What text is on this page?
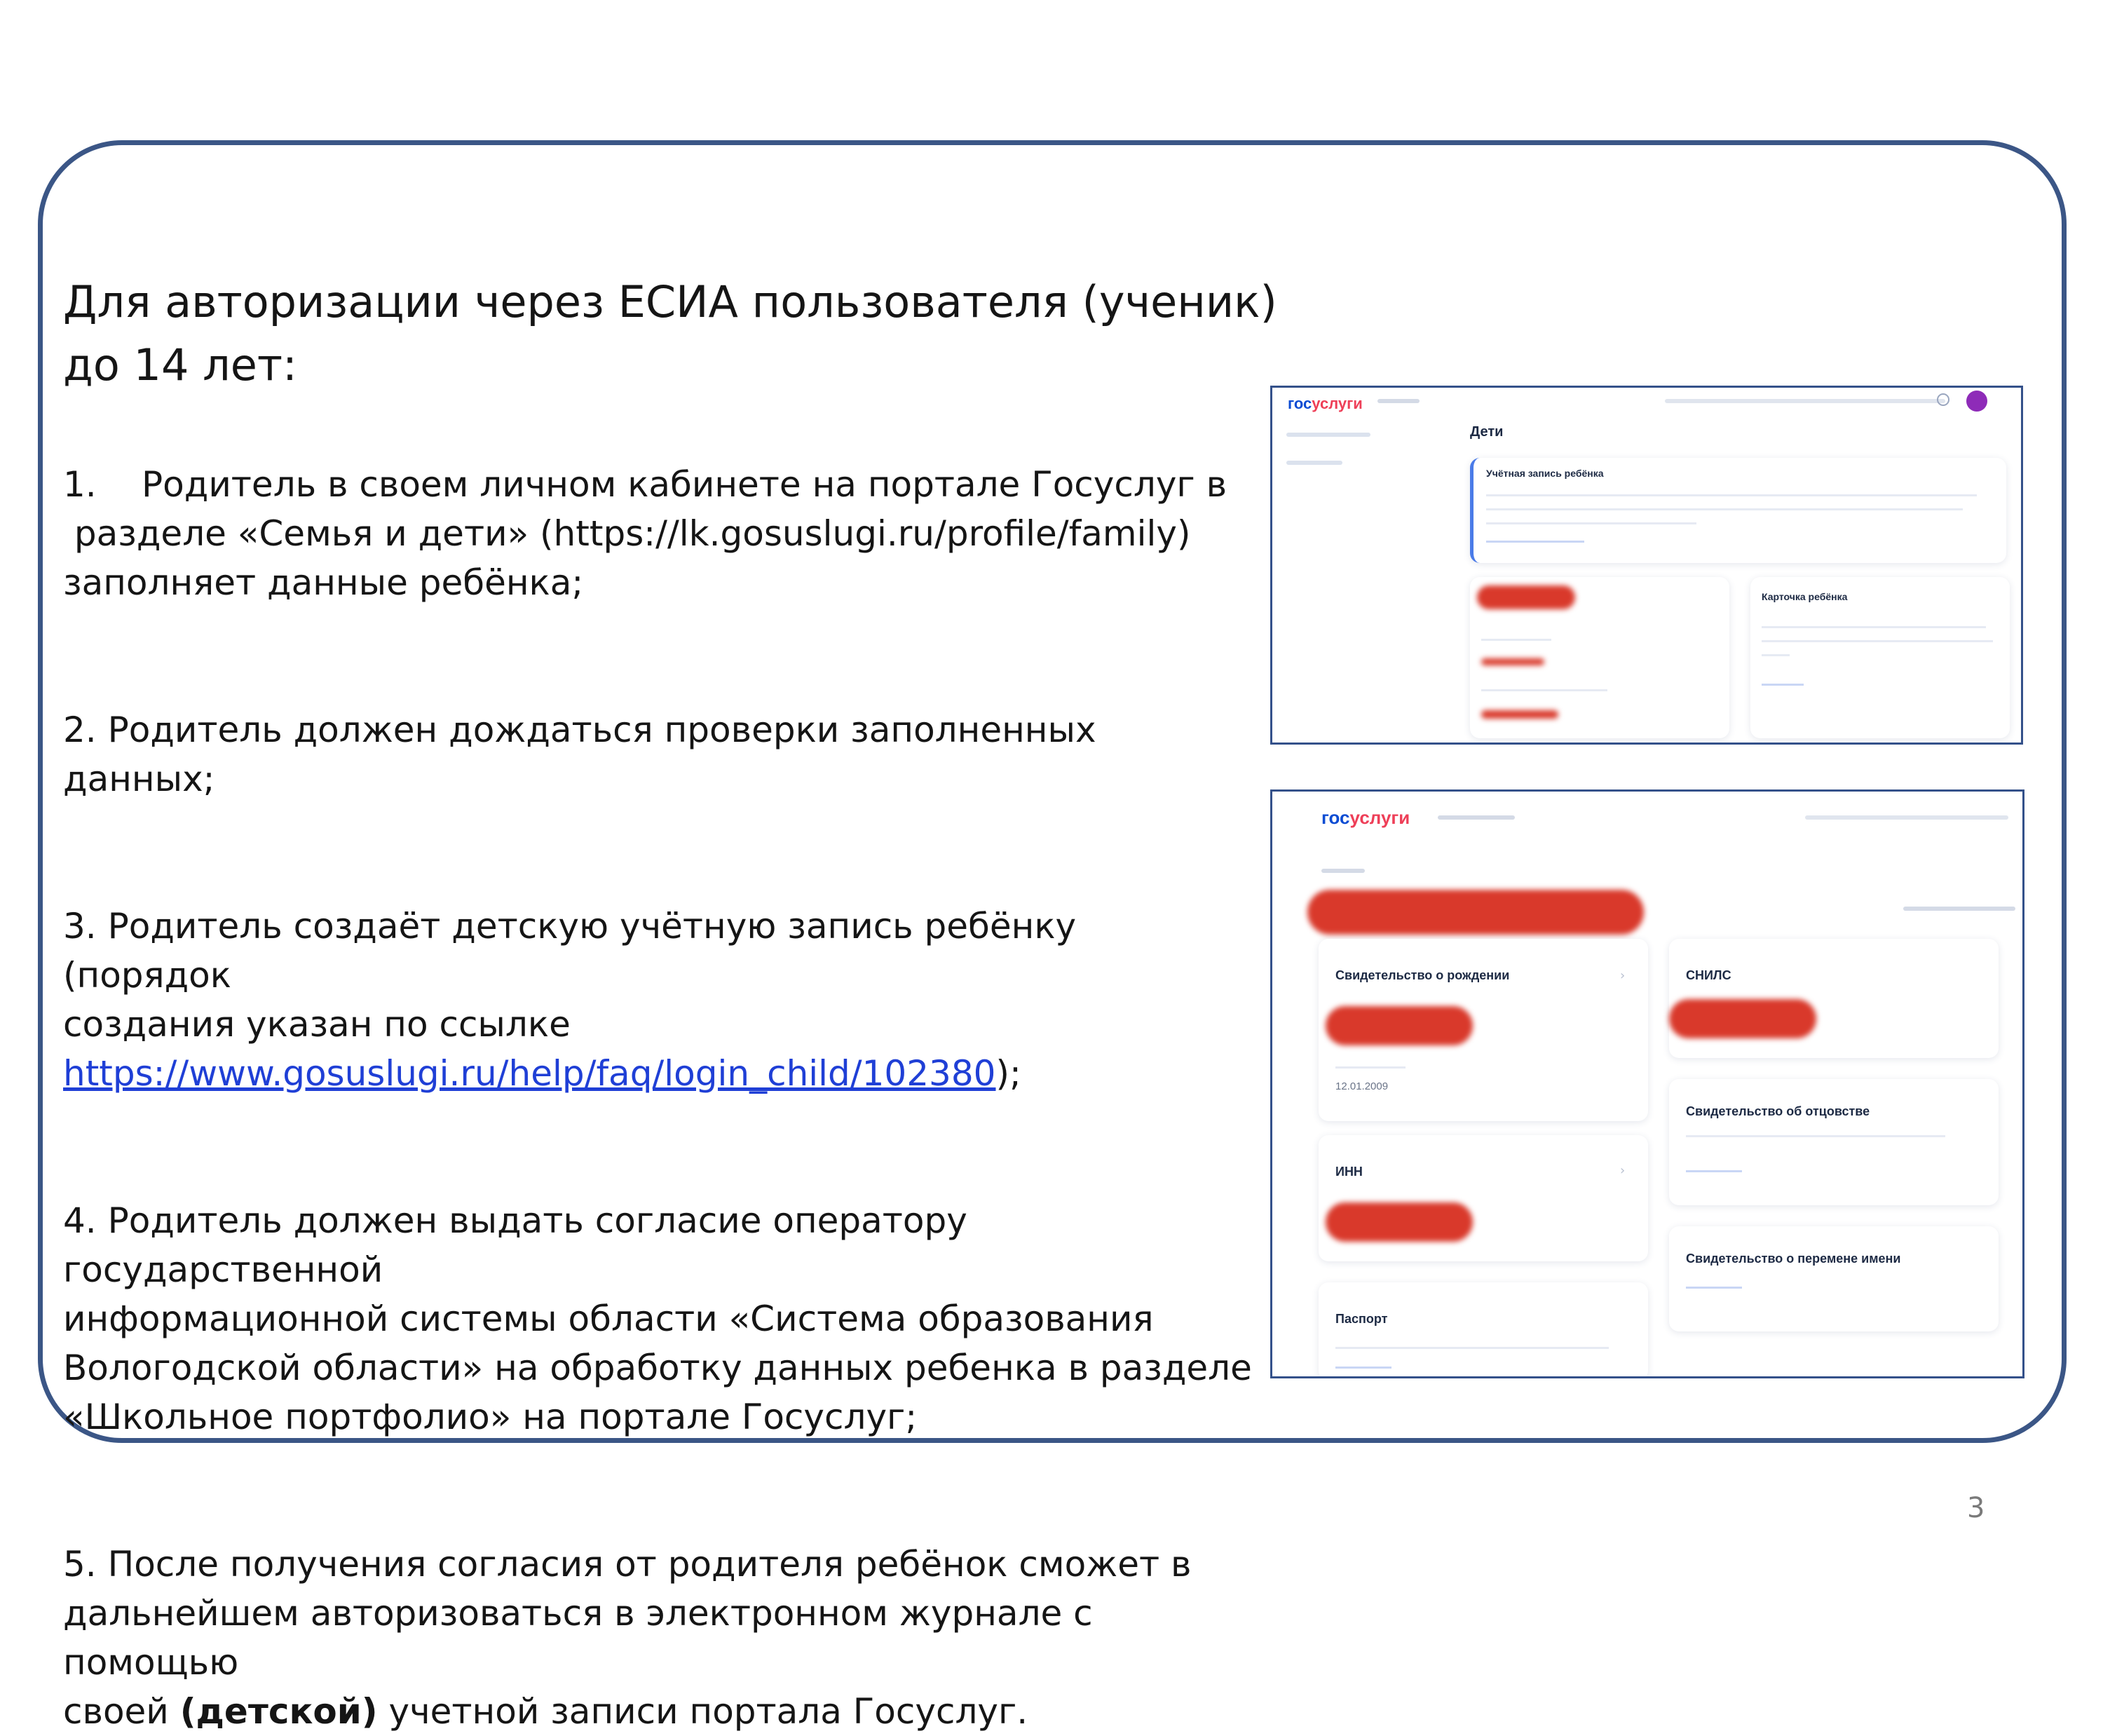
Для авторизации через ЕСИА пользователя (ученик) до 14 лет:

1. Родитель в своем личном кабинете на портале Госуслуг в

разделе «Семья и дети» (https://lk.gosuslugi.ru/profile/family)

заполняет данные ребёнка;

2. Родитель должен дождаться проверки заполненных данных;

3. Родитель создаёт детскую учётную запись ребёнку (порядок

создания указан по ссылке

https://www.gosuslugi.ru/help/faq/login_child/102380);

4. Родитель должен выдать согласие оператору государственной

информационной системы области «Система образования

Вологодской области» на обработку данных ребенка в разделе

«Школьное портфолио» на портале Госуслуг;

5. После получения согласия от родителя ребёнок сможет в

дальнейшем авторизоваться в электронном журнале с помощью

своей (детской) учетной записи портала Госуслуг.

госуслуги
Дети
Учётная запись ребёнка
Карточка ребёнка
госуслуги
Свидетельство о рождении	›
12.01.2009
СНИЛС
Свидетельство об отцовстве
ИНН	›
Свидетельство о перемене имени
Паспорт
3
